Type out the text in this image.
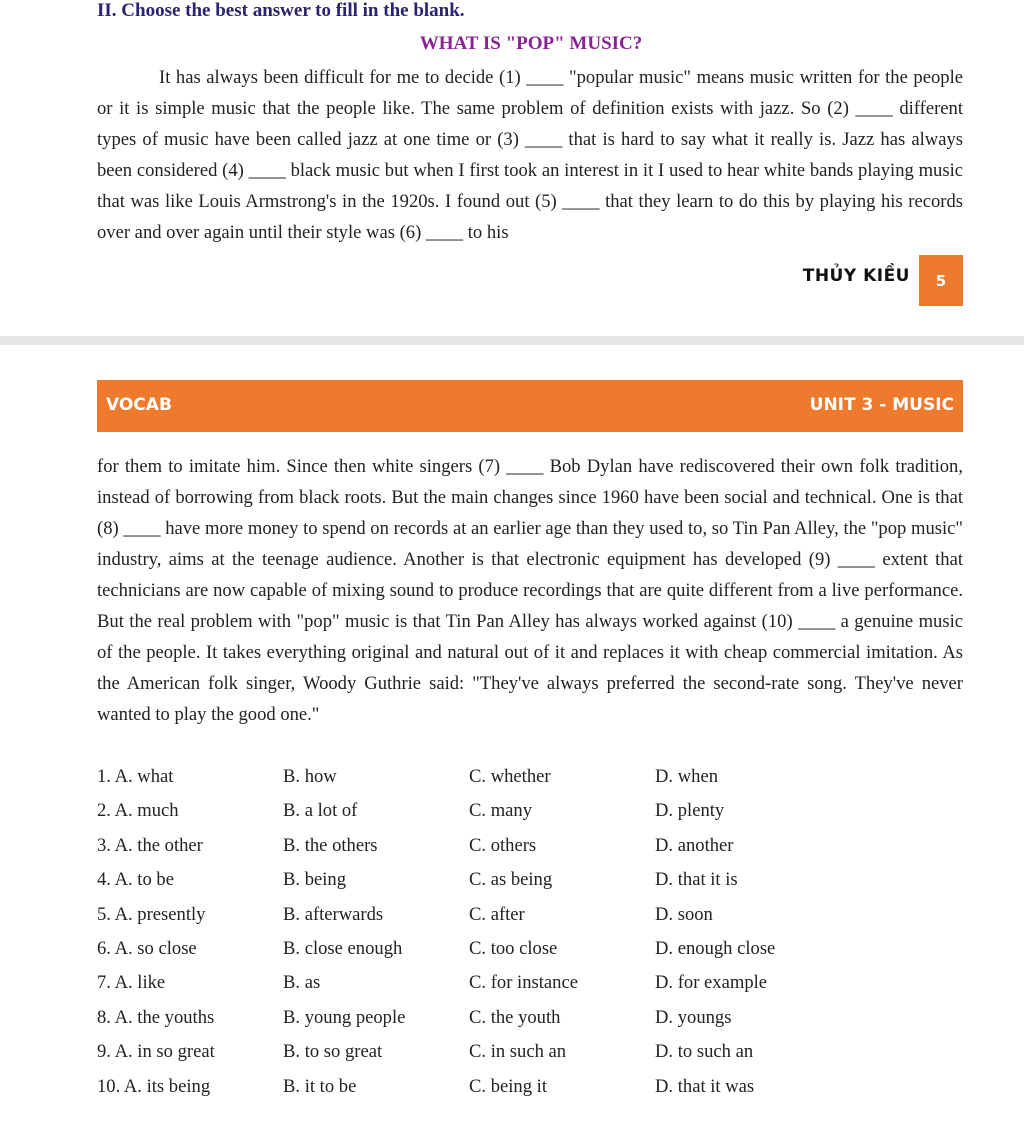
II. Choose the best answer to fill in the blank.
WHAT IS "POP" MUSIC?

It has always been difficult for me to decide (1) ____ "popular music" means music written for the people or it is simple music that the people like. The same problem of definition exists with jazz. So (2) ____ different types of music have been called jazz at one time or (3) ____ that is hard to say what it really is. Jazz has always been considered (4) ____ black music but when I first took an interest in it I used to hear white bands playing music that was like Louis Armstrong's in the 1920s. I found out (5) ____ that they learn to do this by playing his records over and over again until their style was (6) ____ to his

THỦY KIỀU	5
VOCAB	UNIT 3 - MUSIC

for them to imitate him. Since then white singers (7) ____ Bob Dylan have rediscovered their own folk tradition, instead of borrowing from black roots. But the main changes since 1960 have been social and technical. One is that (8) ____ have more money to spend on records at an earlier age than they used to, so Tin Pan Alley, the "pop music" industry, aims at the teenage audience. Another is that electronic equipment has developed (9) ____ extent that technicians are now capable of mixing sound to produce recordings that are quite different from a live performance. But the real problem with "pop" music is that Tin Pan Alley has always worked against (10) ____ a genuine music of the people. It takes everything original and natural out of it and replaces it with cheap commercial imitation. As the American folk singer, Woody Guthrie said: "They've always preferred the second-rate song. They've never wanted to play the good one."

1. A. what	B. how	C. whether	D. when
2. A. much	B. a lot of	C. many	D. plenty
3. A. the other	B. the others	C. others	D. another
4. A. to be	B. being	C. as being	D. that it is
5. A. presently	B. afterwards	C. after	D. soon
6. A. so close	B. close enough	C. too close	D. enough close
7. A. like	B. as	C. for instance	D. for example
8. A. the youths	B. young people	C. the youth	D. youngs
9. A. in so great	B. to so great	C. in such an	D. to such an
10. A. its being	B. it to be	C. being it	D. that it was
